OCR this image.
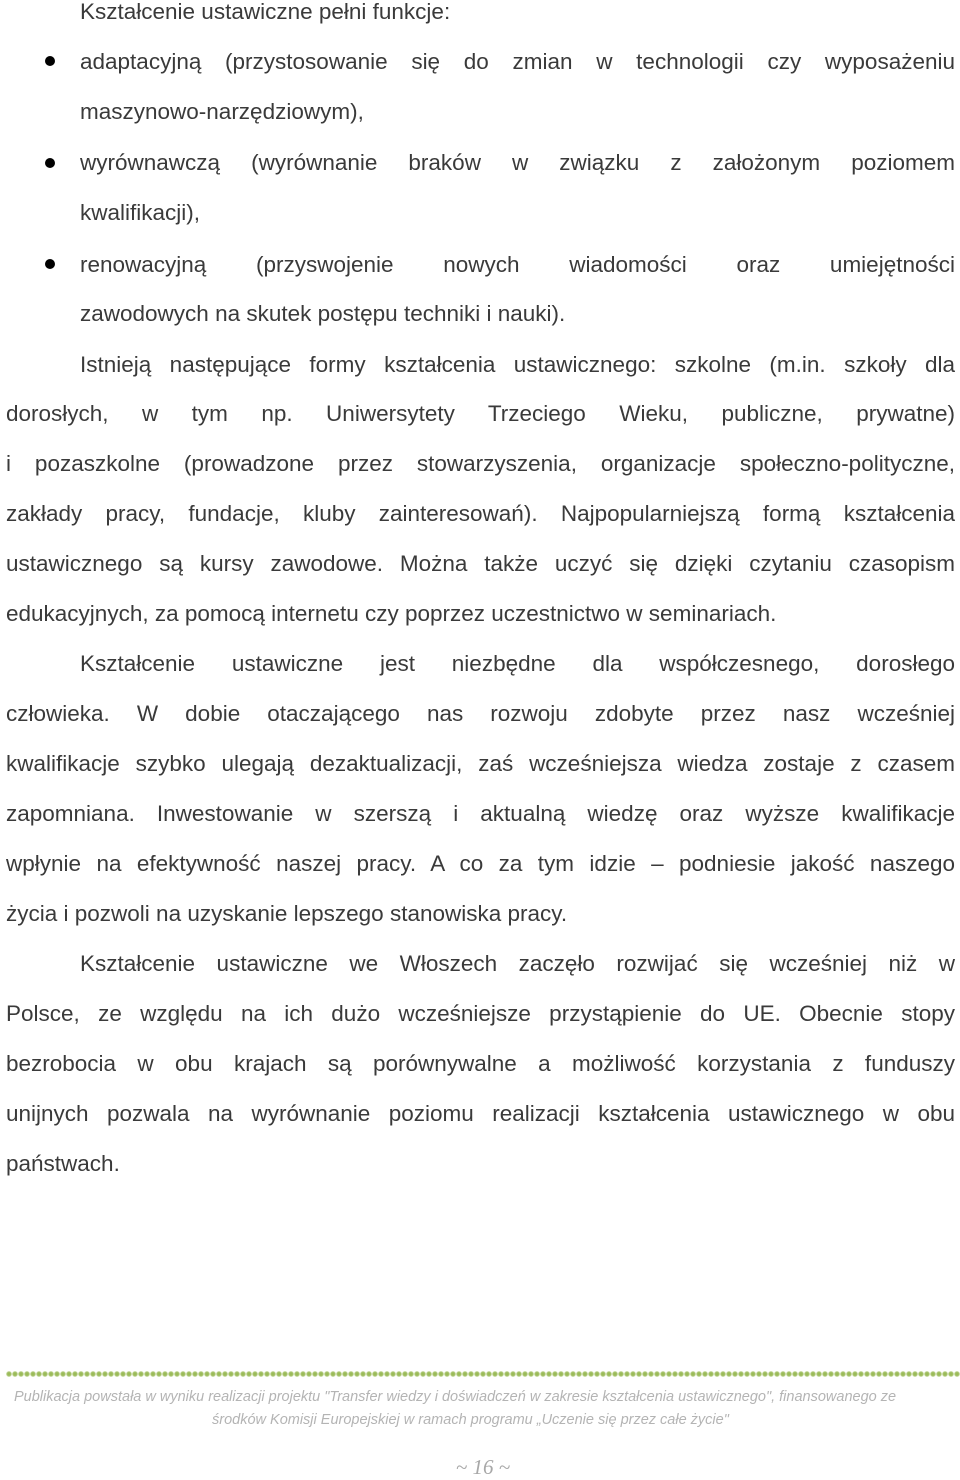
Kształcenie ustawiczne pełni funkcje:
adaptacyjną (przystosowanie się do zmian w technologii czy wyposażeniu
maszynowo-narzędziowym),
wyrównawczą (wyrównanie braków w związku z założonym poziomem
kwalifikacji),
renowacyjną (przyswojenie nowych wiadomości oraz umiejętności
zawodowych na skutek postępu techniki i nauki).
Istnieją następujące formy kształcenia ustawicznego: szkolne (m.in. szkoły dla
dorosłych, w tym np. Uniwersytety Trzeciego Wieku, publiczne, prywatne)
i pozaszkolne (prowadzone przez stowarzyszenia, organizacje społeczno-polityczne,
zakłady pracy, fundacje, kluby zainteresowań). Najpopularniejszą formą kształcenia
ustawicznego są kursy zawodowe. Można także uczyć się dzięki czytaniu czasopism
edukacyjnych, za pomocą internetu czy poprzez uczestnictwo w seminariach.
Kształcenie ustawiczne jest niezbędne dla współczesnego, dorosłego
człowieka. W dobie otaczającego nas rozwoju zdobyte przez nasz wcześniej
kwalifikacje szybko ulegają dezaktualizacji, zaś wcześniejsza wiedza zostaje z czasem
zapomniana. Inwestowanie w szerszą i aktualną wiedzę oraz wyższe kwalifikacje
wpłynie na efektywność naszej pracy. A co za tym idzie – podniesie jakość naszego
życia i pozwoli na uzyskanie lepszego stanowiska pracy.
Kształcenie ustawiczne we Włoszech zaczęło rozwijać się wcześniej niż w
Polsce, ze względu na ich dużo wcześniejsze przystąpienie do UE. Obecnie stopy
bezrobocia w obu krajach są porównywalne a możliwość korzystania z funduszy
unijnych pozwala na wyrównanie poziomu realizacji kształcenia ustawicznego w obu
państwach.
Publikacja powstała w wyniku realizacji projektu "Transfer wiedzy i doświadczeń w zakresie kształcenia ustawicznego", finansowanego ze
środków Komisji Europejskiej w ramach programu „Uczenie się przez całe życie"
~ 16 ~
